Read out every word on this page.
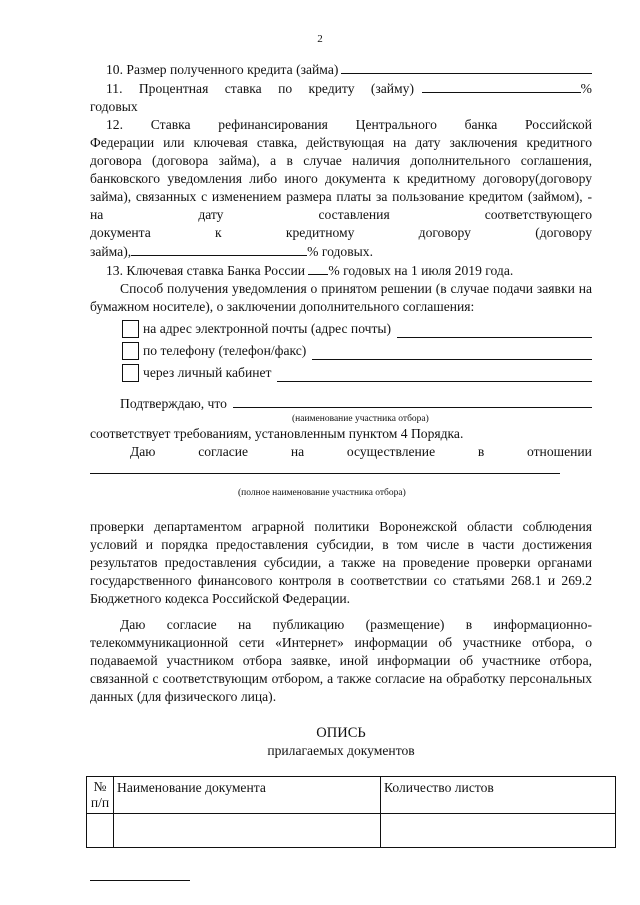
2

10. Размер полученного кредита (займа)

11. Процентная ставка по кредиту (займу)	%

годовых

12. Ставка рефинансирования Центрального банка Российской

Федерации или ключевая ставка, действующая на дату заключения кредитного договора (договора займа), а в случае наличия дополнительного соглашения, банковского уведомления либо иного документа к кредитному договору(договору займа), связанных с изменением размера платы за пользование кредитом (займом), - на дату составления соответствующего

документа	к	кредитному	договору	(договору

займа),	% годовых.

13. Ключевая ставка Банка России % годовых на 1 июля 2019 года.

Способ получения уведомления о принятом решении (в случае подачи заявки на бумажном носителе), о заключении дополнительного соглашения:

на адрес электронной почты (адрес почты)
по телефону (телефон/факс)
через личный кабинет
Подтверждаю, что

(наименование участника отбора)

соответствует требованиям, установленным пунктом 4 Порядка.

Даю	согласие	на	осуществление	в	отношении

(полное наименование участника отбора)

проверки департаментом аграрной политики Воронежской области соблюдения условий и порядка предоставления субсидии, в том числе в части достижения результатов предоставления субсидии, а также на проведение проверки органами государственного финансового контроля в соответствии со статьями 268.1 и 269.2 Бюджетного кодекса Российской Федерации.

Даю согласие на публикацию (размещение) в информационно-телекоммуникационной сети «Интернет» информации об участнике отбора, о подаваемой участником отбора заявке, иной информации об участнике отбора, связанной с соответствующим отбором, а также согласие на обработку персональных данных (для физического лица).

ОПИСЬ

прилагаемых документов

№
п/п	Наименование документа	Количество листов
